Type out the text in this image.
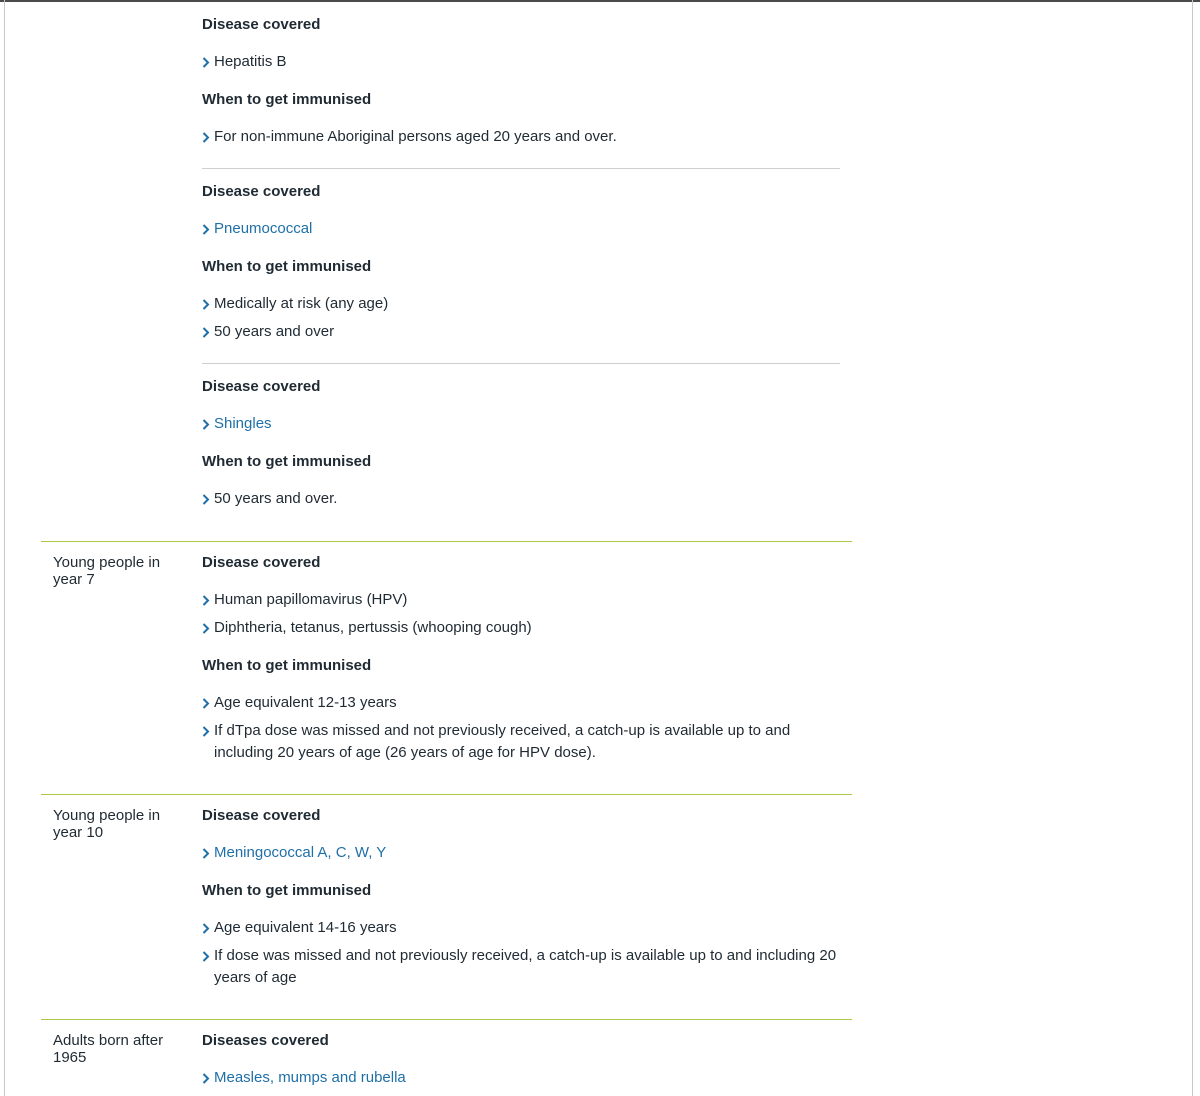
Disease covered
Hepatitis B
When to get immunised
For non-immune Aboriginal persons aged 20 years and over.
Disease covered
Pneumococcal
When to get immunised
Medically at risk (any age)
50 years and over
Disease covered
Shingles
When to get immunised
50 years and over.
Young people in year 7
Disease covered
Human papillomavirus (HPV)
Diphtheria, tetanus, pertussis (whooping cough)
When to get immunised
Age equivalent 12-13 years
If dTpa dose was missed and not previously received, a catch-up is available up to and including 20 years of age (26 years of age for HPV dose).
Young people in year 10
Disease covered
Meningococcal A, C, W, Y
When to get immunised
Age equivalent 14-16 years
If dose was missed and not previously received, a catch-up is available up to and including 20 years of age
Adults born after 1965
Diseases covered
Measles, mumps and rubella
